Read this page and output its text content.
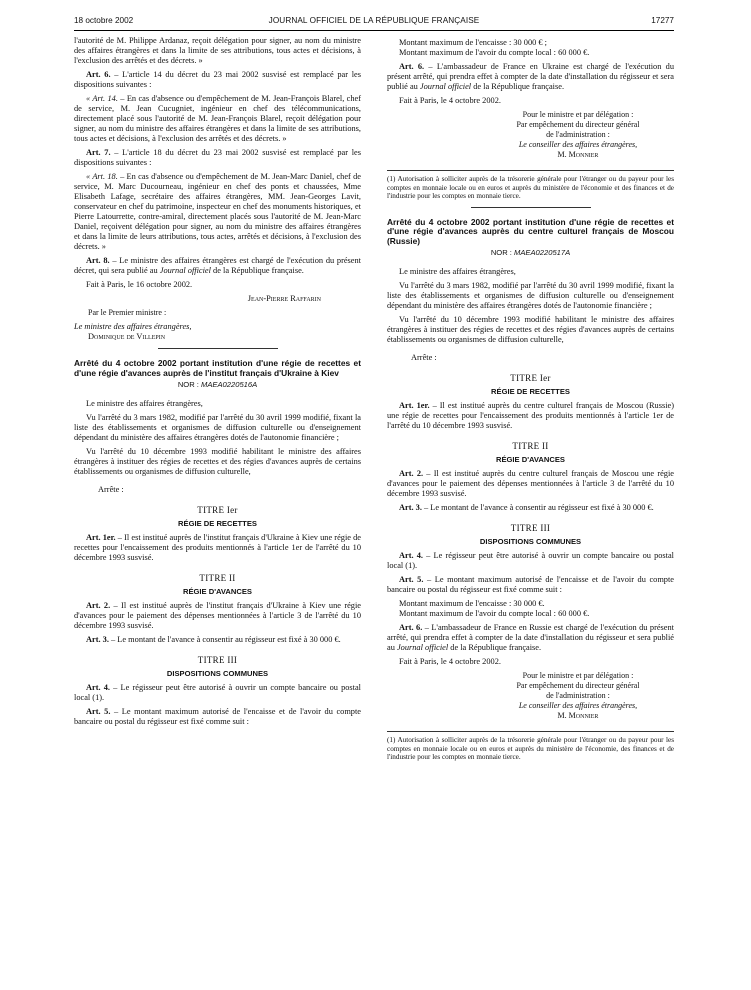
18 octobre 2002	JOURNAL OFFICIEL DE LA RÉPUBLIQUE FRANÇAISE	17277

l'autorité de M. Philippe Ardanaz, reçoit délégation pour signer, au nom du ministre des affaires étrangères et dans la limite de ses attributions, tous actes et décisions, à l'exclusion des arrêtés et des décrets. »

Art. 6. – L'article 14 du décret du 23 mai 2002 susvisé est remplacé par les dispositions suivantes :

« Art. 14. – En cas d'absence ou d'empêchement de M. Jean-François Blarel, chef de service, M. Jean Cucugniet, ingénieur en chef des télécommunications, directement placé sous l'autorité de M. Jean-François Blarel, reçoit délégation pour signer, au nom du ministre des affaires étrangères et dans la limite de ses attributions, tous actes et décisions, à l'exclusion des arrêtés et des décrets. »

Art. 7. – L'article 18 du décret du 23 mai 2002 susvisé est remplacé par les dispositions suivantes :

« Art. 18. – En cas d'absence ou d'empêchement de M. Jean-Marc Daniel, chef de service, M. Marc Ducourneau, ingénieur en chef des ponts et chaussées, Mme Elisabeth Lafage, secrétaire des affaires étrangères, MM. Jean-Georges Lavit, conservateur en chef du patrimoine, inspecteur en chef des monuments historiques, et Pierre Latourrette, contre-amiral, directement placés sous l'autorité de M. Jean-Marc Daniel, reçoivent délégation pour signer, au nom du ministre des affaires étrangères et dans la limite de leurs attributions, tous actes, arrêtés et décisions, à l'exclusion des décrets. »

Art. 8. – Le ministre des affaires étrangères est chargé de l'exécution du présent décret, qui sera publié au Journal officiel de la République française.

Fait à Paris, le 16 octobre 2002.

Jean-Pierre Raffarin

Par le Premier ministre :

Le ministre des affaires étrangères,

Dominique de Villepin

Arrêté du 4 octobre 2002 portant institution d'une régie de recettes et d'une régie d'avances auprès de l'institut français d'Ukraine à Kiev

NOR : MAEA0220516A

Le ministre des affaires étrangères,

Vu l'arrêté du 3 mars 1982, modifié par l'arrêté du 30 avril 1999 modifié, fixant la liste des établissements et organismes de diffusion culturelle ou d'enseignement dépendant du ministère des affaires étrangères dotés de l'autonomie financière ;

Vu l'arrêté du 10 décembre 1993 modifié habilitant le ministre des affaires étrangères à instituer des régies de recettes et des régies d'avances auprès de certains établissements ou organismes de diffusion culturelle,

Arrête :

TITRE Ier
RÉGIE DE RECETTES

Art. 1er. – Il est institué auprès de l'institut français d'Ukraine à Kiev une régie de recettes pour l'encaissement des produits mentionnés à l'article 1er de l'arrêté du 10 décembre 1993 susvisé.

TITRE II
RÉGIE D'AVANCES

Art. 2. – Il est institué auprès de l'institut français d'Ukraine à Kiev une régie d'avances pour le paiement des dépenses mentionnées à l'article 3 de l'arrêté du 10 décembre 1993 susvisé.

Art. 3. – Le montant de l'avance à consentir au régisseur est fixé à 30 000 €.

TITRE III
DISPOSITIONS COMMUNES

Art. 4. – Le régisseur peut être autorisé à ouvrir un compte bancaire ou postal local (1).

Art. 5. – Le montant maximum autorisé de l'encaisse et de l'avoir du compte bancaire ou postal du régisseur est fixé comme suit :

Montant maximum de l'encaisse : 30 000 € ;

Montant maximum de l'avoir du compte local : 60 000 €.

Art. 6. – L'ambassadeur de France en Ukraine est chargé de l'exécution du présent arrêté, qui prendra effet à compter de la date d'installation du régisseur et sera publié au Journal officiel de la République française.

Fait à Paris, le 4 octobre 2002.

Pour le ministre et par délégation :
Par empêchement du directeur général
de l'administration :
Le conseiller des affaires étrangères,
M. Monnier

(1) Autorisation à solliciter auprès de la trésorerie générale pour l'étranger ou du payeur pour les comptes en monnaie locale ou en euros et auprès du ministère de l'économie et des finances et de l'industrie pour les comptes en monnaie tierce.

Arrêté du 4 octobre 2002 portant institution d'une régie de recettes et d'une régie d'avances auprès du centre culturel français de Moscou (Russie)

NOR : MAEA0220517A

Le ministre des affaires étrangères,

Vu l'arrêté du 3 mars 1982, modifié par l'arrêté du 30 avril 1999 modifié, fixant la liste des établissements et organismes de diffusion culturelle ou d'enseignement dépendant du ministère des affaires étrangères dotés de l'autonomie financière ;

Vu l'arrêté du 10 décembre 1993 modifié habilitant le ministre des affaires étrangères à instituer des régies de recettes et des régies d'avances auprès de certains établissements ou organismes de diffusion culturelle,

Arrête :

TITRE Ier
RÉGIE DE RECETTES

Art. 1er. – Il est institué auprès du centre culturel français de Moscou (Russie) une régie de recettes pour l'encaissement des produits mentionnés à l'article 1er de l'arrêté du 10 décembre 1993 susvisé.

TITRE II
RÉGIE D'AVANCES

Art. 2. – Il est institué auprès du centre culturel français de Moscou une régie d'avances pour le paiement des dépenses mentionnées à l'article 3 de l'arrêté du 10 décembre 1993 susvisé.

Art. 3. – Le montant de l'avance à consentir au régisseur est fixé à 30 000 €.

TITRE III
DISPOSITIONS COMMUNES

Art. 4. – Le régisseur peut être autorisé à ouvrir un compte bancaire ou postal local (1).

Art. 5. – Le montant maximum autorisé de l'encaisse et de l'avoir du compte bancaire ou postal du régisseur est fixé comme suit :

Montant maximum de l'encaisse : 30 000 €.

Montant maximum de l'avoir du compte local : 60 000 €.

Art. 6. – L'ambassadeur de France en Russie est chargé de l'exécution du présent arrêté, qui prendra effet à compter de la date d'installation du régisseur et sera publié au Journal officiel de la République française.

Fait à Paris, le 4 octobre 2002.

Pour le ministre et par délégation :
Par empêchement du directeur général
de l'administration :
Le conseiller des affaires étrangères,
M. Monnier

(1) Autorisation à solliciter auprès de la trésorerie générale pour l'étranger ou du payeur pour les comptes en monnaie locale ou en euros et auprès du ministère de l'économie, des finances et de l'industrie pour les comptes en monnaie tierce.
